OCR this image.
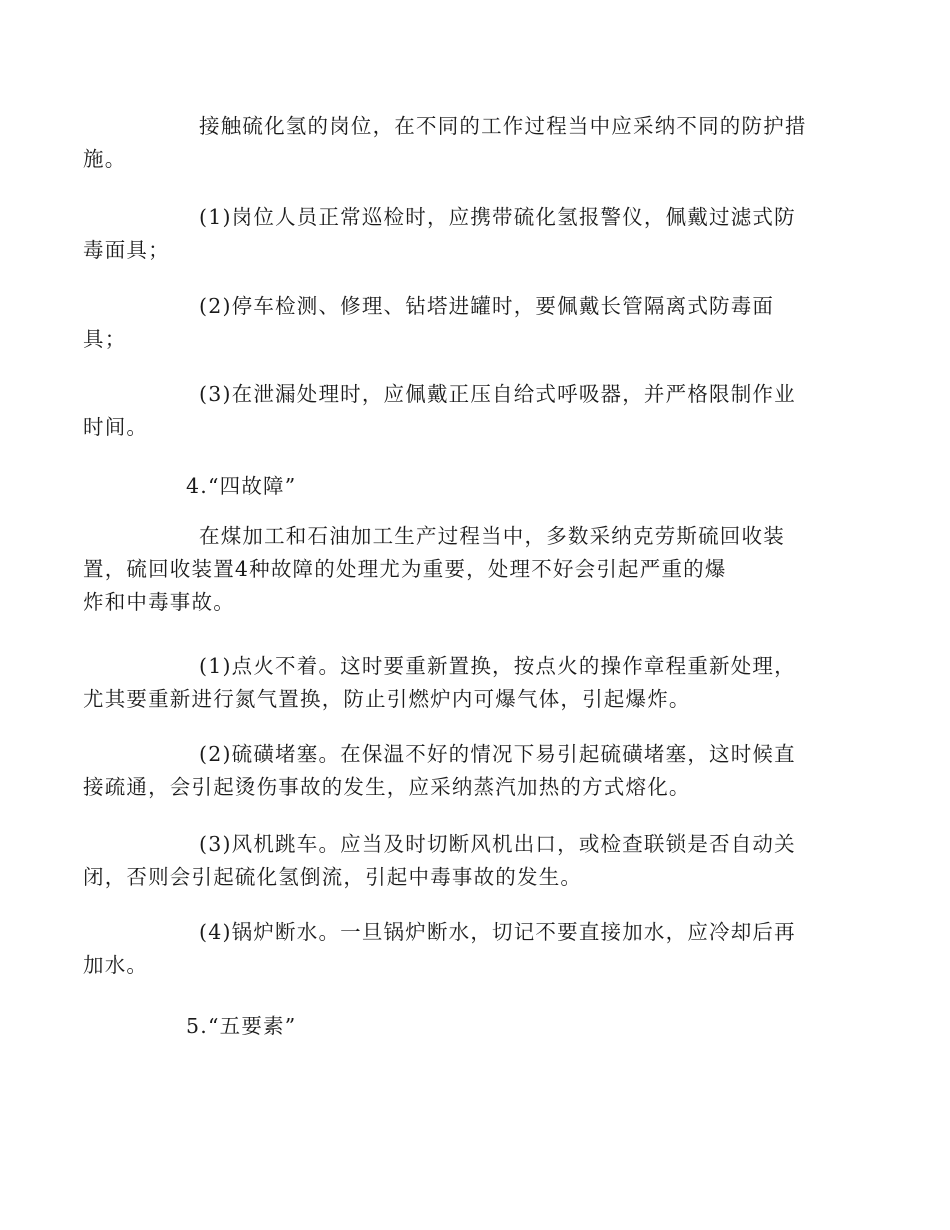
接触硫化氢的岗位，在不同的工作过程当中应采纳不同的防护措
施。

(1)岗位人员正常巡检时，应携带硫化氢报警仪，佩戴过滤式防
毒面具；

(2)停车检测、修理、钻塔进罐时，要佩戴长管隔离式防毒面
具；

(3)在泄漏处理时，应佩戴正压自给式呼吸器，并严格限制作业
时间。

4.“四故障”

在煤加工和石油加工生产过程当中，多数采纳克劳斯硫回收装
置，硫回收装置4种故障的处理尤为重要，处理不好会引起严重的爆
炸和中毒事故。

(1)点火不着。这时要重新置换，按点火的操作章程重新处理，
尤其要重新进行氮气置换，防止引燃炉内可爆气体，引起爆炸。

(2)硫磺堵塞。在保温不好的情况下易引起硫磺堵塞，这时候直
接疏通，会引起烫伤事故的发生，应采纳蒸汽加热的方式熔化。

(3)风机跳车。应当及时切断风机出口，或检查联锁是否自动关
闭，否则会引起硫化氢倒流，引起中毒事故的发生。

(4)锅炉断水。一旦锅炉断水，切记不要直接加水，应冷却后再
加水。

5.“五要素”
